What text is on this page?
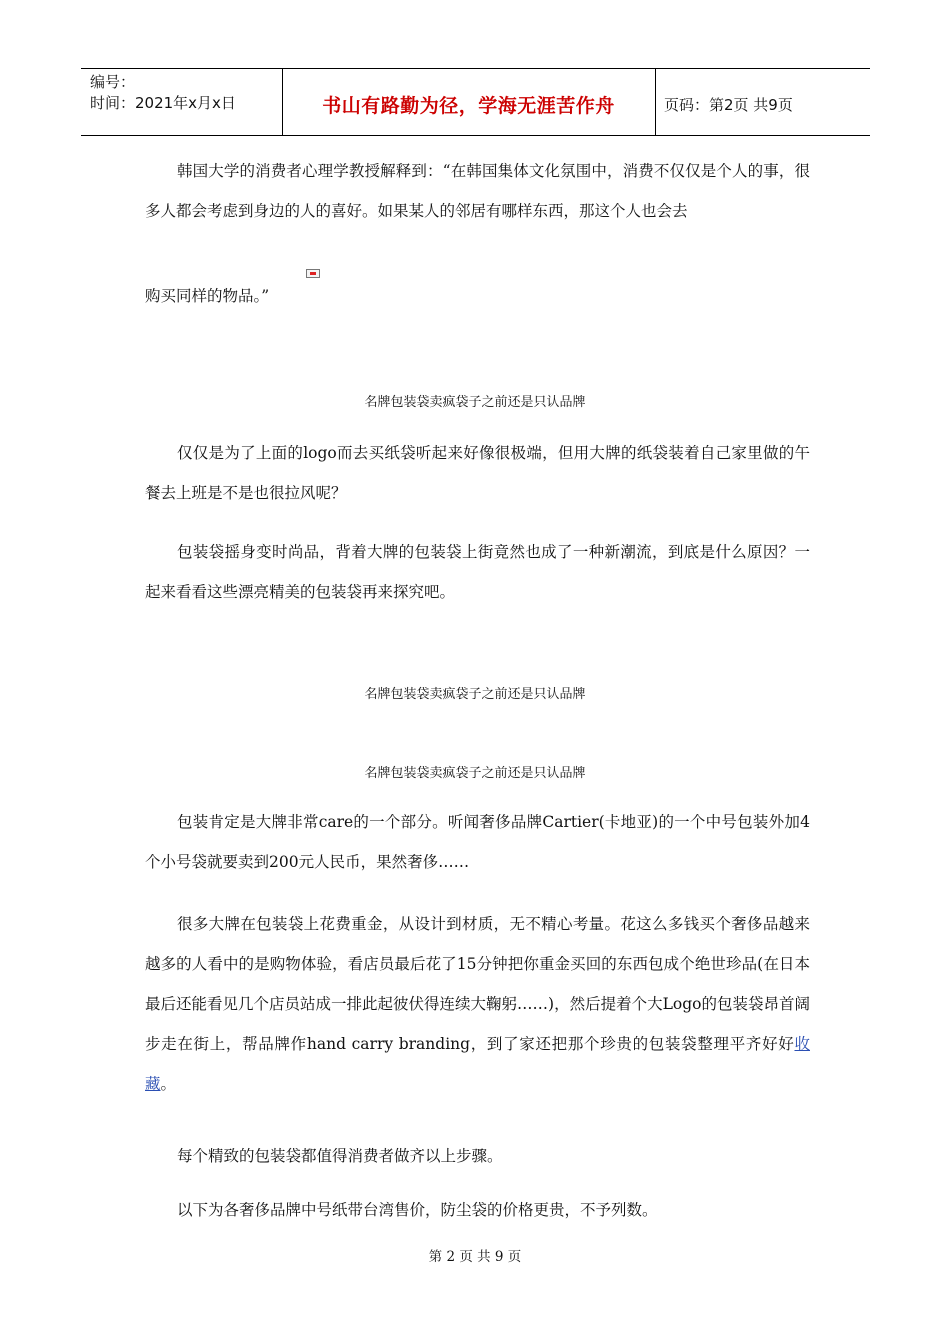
编号：
时间：2021年x月x日	书山有路勤为径，学海无涯苦作舟	页码：第2页 共9页

韩国大学的消费者心理学教授解释到：“在韩国集体文化氛围中，消费不仅仅是个人的事，很多人都会考虑到身边的人的喜好。如果某人的邻居有哪样东西，那这个人也会去

购买同样的物品。”

名牌包装袋卖疯袋子之前还是只认品牌

仅仅是为了上面的logo而去买纸袋听起来好像很极端，但用大牌的纸袋装着自己家里做的午餐去上班是不是也很拉风呢？

包装袋摇身变时尚品，背着大牌的包装袋上街竟然也成了一种新潮流，到底是什么原因？一起来看看这些漂亮精美的包装袋再来探究吧。

名牌包装袋卖疯袋子之前还是只认品牌
名牌包装袋卖疯袋子之前还是只认品牌

包装肯定是大牌非常care的一个部分。听闻奢侈品牌Cartier(卡地亚)的一个中号包装外加4个小号袋就要卖到200元人民币，果然奢侈……

很多大牌在包装袋上花费重金，从设计到材质，无不精心考量。花这么多钱买个奢侈品越来越多的人看中的是购物体验，看店员最后花了15分钟把你重金买回的东西包成个绝世珍品(在日本最后还能看见几个店员站成一排此起彼伏得连续大鞠躬……)，然后提着个大Logo的包装袋昂首阔步走在街上，帮品牌作hand carry branding，到了家还把那个珍贵的包装袋整理平齐好好收藏。

每个精致的包装袋都值得消费者做齐以上步骤。

以下为各奢侈品牌中号纸带台湾售价，防尘袋的价格更贵，不予列数。

第 2 页 共 9 页
